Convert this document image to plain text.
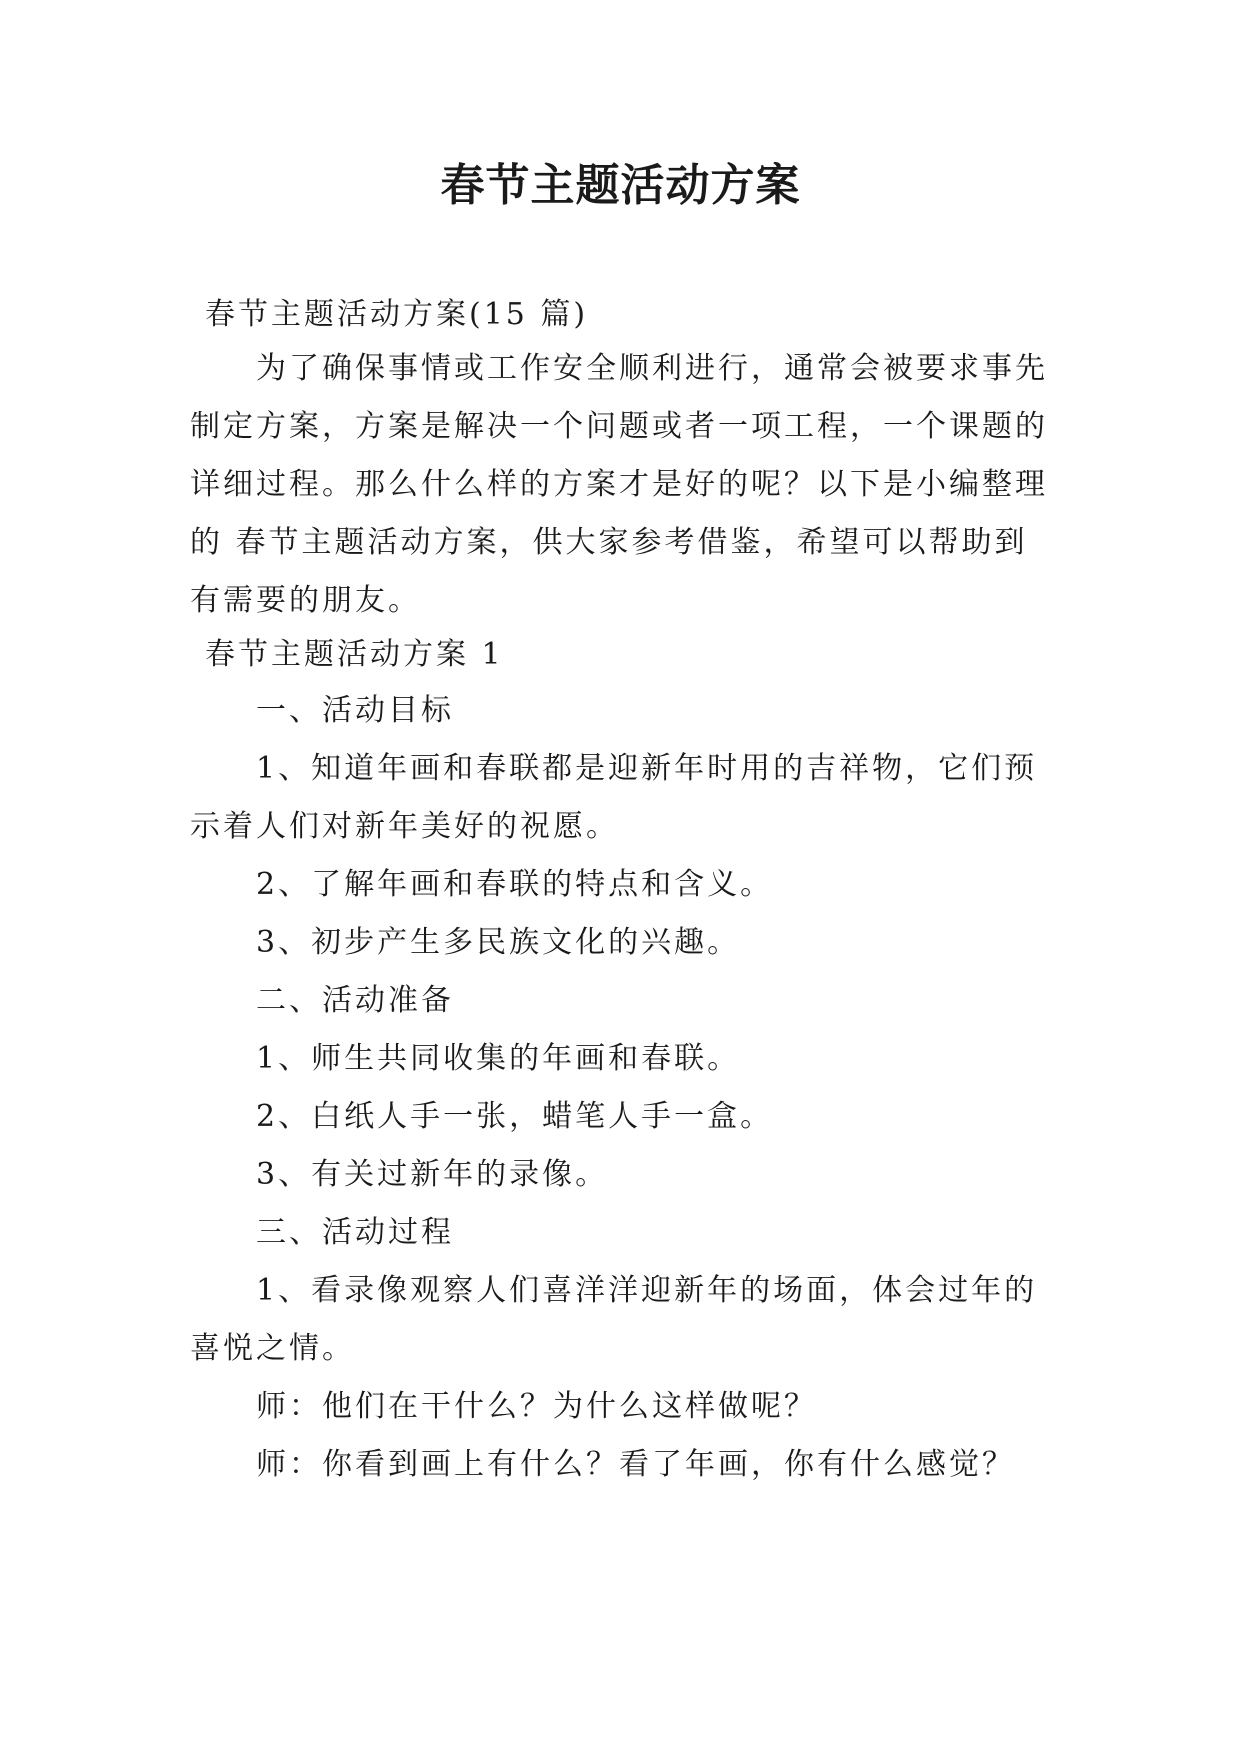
春节主题活动方案
春节主题活动方案(15 篇)

为了确保事情或工作安全顺利进行，通常会被要求事先制定方案，方案是解决一个问题或者一项工程，一个课题的详细过程。那么什么样的方案才是好的呢？以下是小编整理的 春节主题活动方案，供大家参考借鉴，希望可以帮助到有需要的朋友。

春节主题活动方案 1
一、活动目标

1、知道年画和春联都是迎新年时用的吉祥物，它们预示着人们对新年美好的祝愿。

2、了解年画和春联的特点和含义。
3、初步产生多民族文化的兴趣。
二、活动准备
1、师生共同收集的年画和春联。
2、白纸人手一张，蜡笔人手一盒。
3、有关过新年的录像。
三、活动过程

1、看录像观察人们喜洋洋迎新年的场面，体会过年的喜悦之情。

师：他们在干什么？为什么这样做呢？
师：你看到画上有什么？看了年画，你有什么感觉？
